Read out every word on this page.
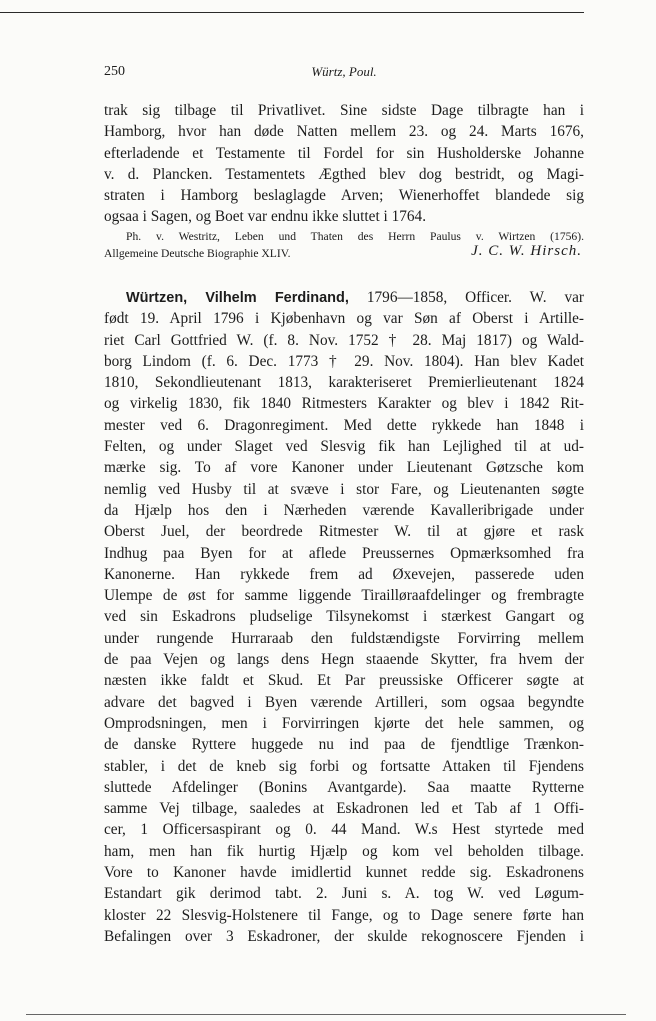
250	Würtz, Poul.
trak sig tilbage til Privatlivet. Sine sidste Dage tilbragte han i
Hamborg, hvor han døde Natten mellem 23. og 24. Marts 1676,
efterladende et Testamente til Fordel for sin Husholderske Johanne
v. d. Plancken. Testamentets Ægthed blev dog bestridt, og Magi-
straten i Hamborg beslaglagde Arven; Wienerhoffet blandede sig
ogsaa i Sagen, og Boet var endnu ikke sluttet i 1764.
Ph. v. Westritz, Leben und Thaten des Herrn Paulus v. Wirtzen (1756).
Allgemeine Deutsche Biographie XLIV.	J. C. W. Hirsch.
Würtzen, Vilhelm Ferdinand, 1796—1858, Officer. W. var
født 19. April 1796 i Kjøbenhavn og var Søn af Oberst i Artille-
riet Carl Gottfried W. (f. 8. Nov. 1752 † 28. Maj 1817) og Wald-
borg Lindom (f. 6. Dec. 1773 † 29. Nov. 1804). Han blev Kadet
1810, Sekondlieutenant 1813, karakteriseret Premierlieutenant 1824
og virkelig 1830, fik 1840 Ritmesters Karakter og blev i 1842 Rit-
mester ved 6. Dragonregiment. Med dette rykkede han 1848 i
Felten, og under Slaget ved Slesvig fik han Lejlighed til at ud-
mærke sig. To af vore Kanoner under Lieutenant Gøtzsche kom
nemlig ved Husby til at svæve i stor Fare, og Lieutenanten søgte
da Hjælp hos den i Nærheden værende Kavalleribrigade under
Oberst Juel, der beordrede Ritmester W. til at gjøre et rask
Indhug paa Byen for at aflede Preussernes Opmærksomhed fra
Kanonerne. Han rykkede frem ad Øxevejen, passerede uden
Ulempe de øst for samme liggende Tirailløraafdelinger og frembragte
ved sin Eskadrons pludselige Tilsynekomst i stærkest Gangart og
under rungende Hurraraab den fuldstændigste Forvirring mellem
de paa Vejen og langs dens Hegn staaende Skytter, fra hvem der
næsten ikke faldt et Skud. Et Par preussiske Officerer søgte at
advare det bagved i Byen værende Artilleri, som ogsaa begyndte
Omprodsningen, men i Forvirringen kjørte det hele sammen, og
de danske Ryttere huggede nu ind paa de fjendtlige Trænkon-
stabler, i det de kneb sig forbi og fortsatte Attaken til Fjendens
sluttede Afdelinger (Bonins Avantgarde). Saa maatte Rytterne
samme Vej tilbage, saaledes at Eskadronen led et Tab af 1 Offi-
cer, 1 Officersaspirant og 0. 44 Mand. W.s Hest styrtede med
ham, men han fik hurtig Hjælp og kom vel beholden tilbage.
Vore to Kanoner havde imidlertid kunnet redde sig. Eskadronens
Estandart gik derimod tabt. 2. Juni s. A. tog W. ved Løgum-
kloster 22 Slesvig-Holstenere til Fange, og to Dage senere førte han
Befalingen over 3 Eskadroner, der skulde rekognoscere Fjenden i
